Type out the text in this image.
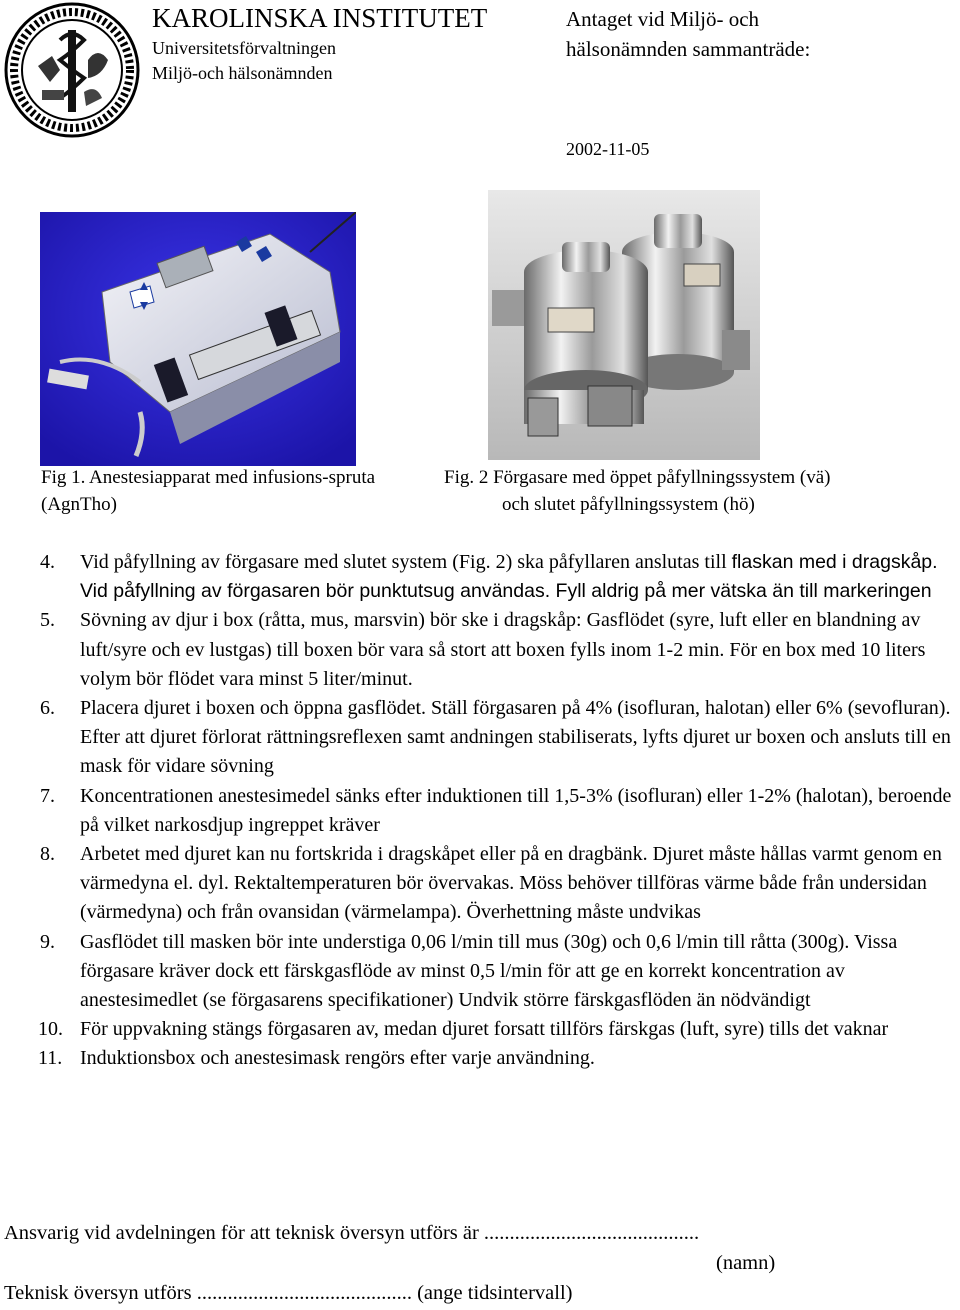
KAROLINSKA INSTITUTET
Universitetsförvaltningen
Miljö-och hälsonämnden
Antaget vid Miljö- och hälsonämnden sammanträde:
2002-11-05
Fig 1. Anestesiapparat med infusions-spruta (AgnTho)
Fig. 2 Förgasare med öppet påfyllningssystem (vä)
och slutet påfyllningssystem (hö)
4. Vid påfyllning av förgasare med slutet system (Fig. 2) ska påfyllaren anslutas till flaskan med i dragskåp. Vid påfyllning av förgasaren bör punktutsug användas. Fyll aldrig på mer vätska än till markeringen
5. Sövning av djur i box (råtta, mus, marsvin) bör ske i dragskåp: Gasflödet (syre, luft eller en blandning av luft/syre och ev lustgas) till boxen bör vara så stort att boxen fylls inom 1-2 min. För en box med 10 liters volym bör flödet vara minst 5 liter/minut.
6. Placera djuret i boxen och öppna gasflödet. Ställ förgasaren på 4% (isofluran, halotan) eller 6% (sevofluran). Efter att djuret förlorat rättningsreflexen samt andningen stabiliserats, lyfts djuret ur boxen och ansluts till en mask för vidare sövning
7. Koncentrationen anestesimedel sänks efter induktionen till 1,5-3% (isofluran) eller 1-2% (halotan), beroende på vilket narkosdjup ingreppet kräver
8. Arbetet med djuret kan nu fortskrida i dragskåpet eller på en dragbänk. Djuret måste hållas varmt genom en värmedyna el. dyl. Rektaltemperaturen bör övervakas. Möss behöver tillföras värme både från undersidan (värmedyna) och från ovansidan (värmelampa). Överhettning måste undvikas
9. Gasflödet till masken bör inte understiga 0,06 l/min till mus (30g) och 0,6 l/min till råtta (300g). Vissa förgasare kräver dock ett färskgasflöde av minst 0,5 l/min för att ge en korrekt koncentration av anestesimedlet (se förgasarens specifikationer) Undvik större färskgasflöden än nödvändigt
10. För uppvakning stängs förgasaren av, medan djuret forsatt tillförs färskgas (luft, syre) tills det vaknar
11. Induktionsbox och anestesimask rengörs efter varje användning.
Ansvarig vid avdelningen för att teknisk översyn utförs är ..........................................
(namn)
Teknisk översyn utförs .......................................... (ange tidsintervall)
